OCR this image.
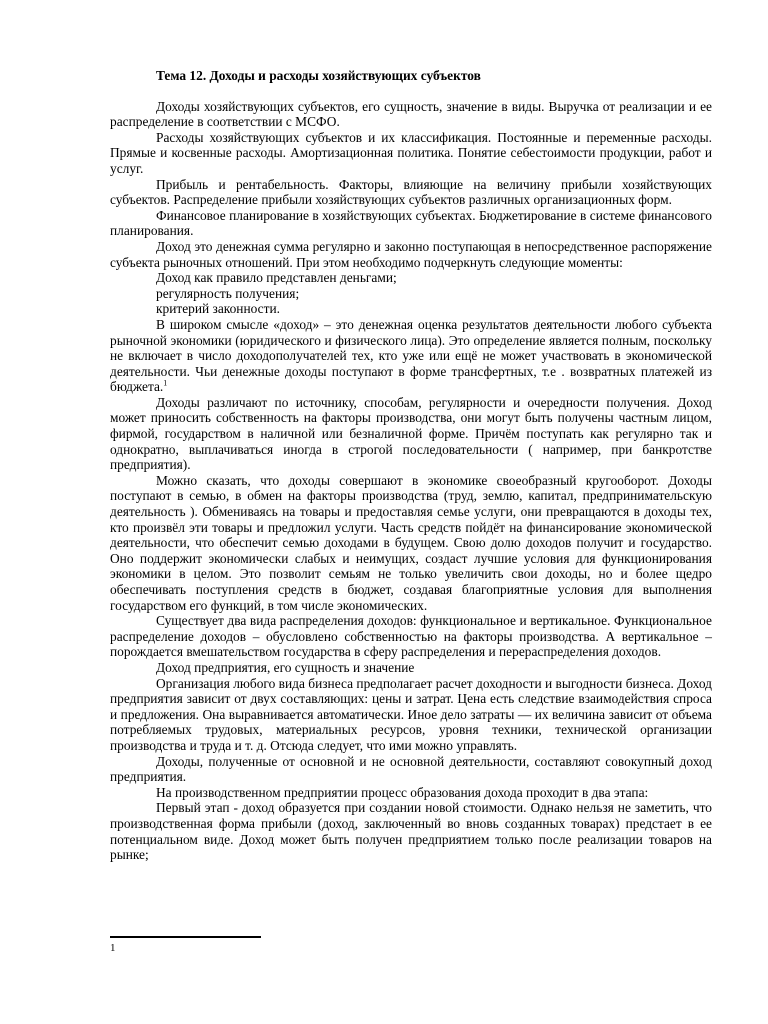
Тема 12. Доходы и расходы хозяйствующих субъектов

Доходы хозяйствующих субъектов, его сущность, значение в виды. Выручка от реализации и ее распределение в соответствии с МСФО.

Расходы хозяйствующих субъектов и их классификация. Постоянные и переменные расходы. Прямые и косвенные расходы. Амортизационная политика. Понятие себестоимости продукции, работ и услуг.

Прибыль и рентабельность. Факторы, влияющие на величину прибыли хозяйствующих субъектов. Распределение прибыли хозяйствующих субъектов различных организационных форм.

Финансовое планирование в хозяйствующих субъектах. Бюджетирование в системе финансового планирования.

Доход это денежная сумма регулярно и законно поступающая в непосредственное распоряжение субъекта рыночных отношений. При этом необходимо подчеркнуть следующие моменты:

Доход как правило представлен деньгами;

регулярность получения;

критерий законности.

В широком смысле «доход» – это денежная оценка результатов деятельности любого субъекта рыночной экономики (юридического и физического лица). Это определение является полным, поскольку не включает в число доходополучателей тех, кто уже или ещё не может участвовать в экономической деятельности. Чьи денежные доходы поступают в форме трансфертных, т.е . возвратных платежей из бюджета.$^1$

Доходы различают по источнику, способам, регулярности и очередности получения. Доход может приносить собственность на факторы производства, они могут быть получены частным лицом, фирмой, государством в наличной или безналичной форме. Причём поступать как регулярно так и однократно, выплачиваться иногда в строгой последовательности ( например, при банкротстве предприятия).

Можно сказать, что доходы совершают в экономике своеобразный кругооборот. Доходы поступают в семью, в обмен на факторы производства (труд, землю, капитал, предпринимательскую деятельность ). Обмениваясь на товары и предоставляя семье услуги, они превращаются в доходы тех, кто произвёл эти товары и предложил услуги. Часть средств пойдёт на финансирование экономической деятельности, что обеспечит семью доходами в будущем. Свою долю доходов получит и государство. Оно поддержит экономически слабых и неимущих, создаст лучшие условия для функционирования экономики в целом. Это позволит семьям не только увеличить свои доходы, но и более щедро обеспечивать поступления средств в бюджет, создавая благоприятные условия для выполнения государством его функций, в том числе экономических.

Существует два вида распределения доходов: функциональное и вертикальное. Функциональное распределение доходов – обусловлено собственностью на факторы производства. А вертикальное – порождается вмешательством государства в сферу распределения и перераспределения доходов.

Доход предприятия, его сущность и значение

Организация любого вида бизнеса предполагает расчет доходности и выгодности бизнеса. Доход предприятия зависит от двух составляющих: цены и затрат. Цена есть следствие взаимодействия спроса и предложения. Она выравнивается автоматически. Иное дело затраты — их величина зависит от объема потребляемых трудовых, материальных ресурсов, уровня техники, технической организации производства и труда и т. д. Отсюда следует, что ими можно управлять.

Доходы, полученные от основной и не основной деятельности, составляют совокупный доход предприятия.

На производственном предприятии процесс образования дохода проходит в два этапа:

Первый этап - доход образуется при создании новой стоимости. Однако нельзя не заметить, что производственная форма прибыли (доход, заключенный во вновь созданных товарах) предстает в ее потенциальном виде. Доход может быть получен предприятием только после реализации товаров на рынке;

1
